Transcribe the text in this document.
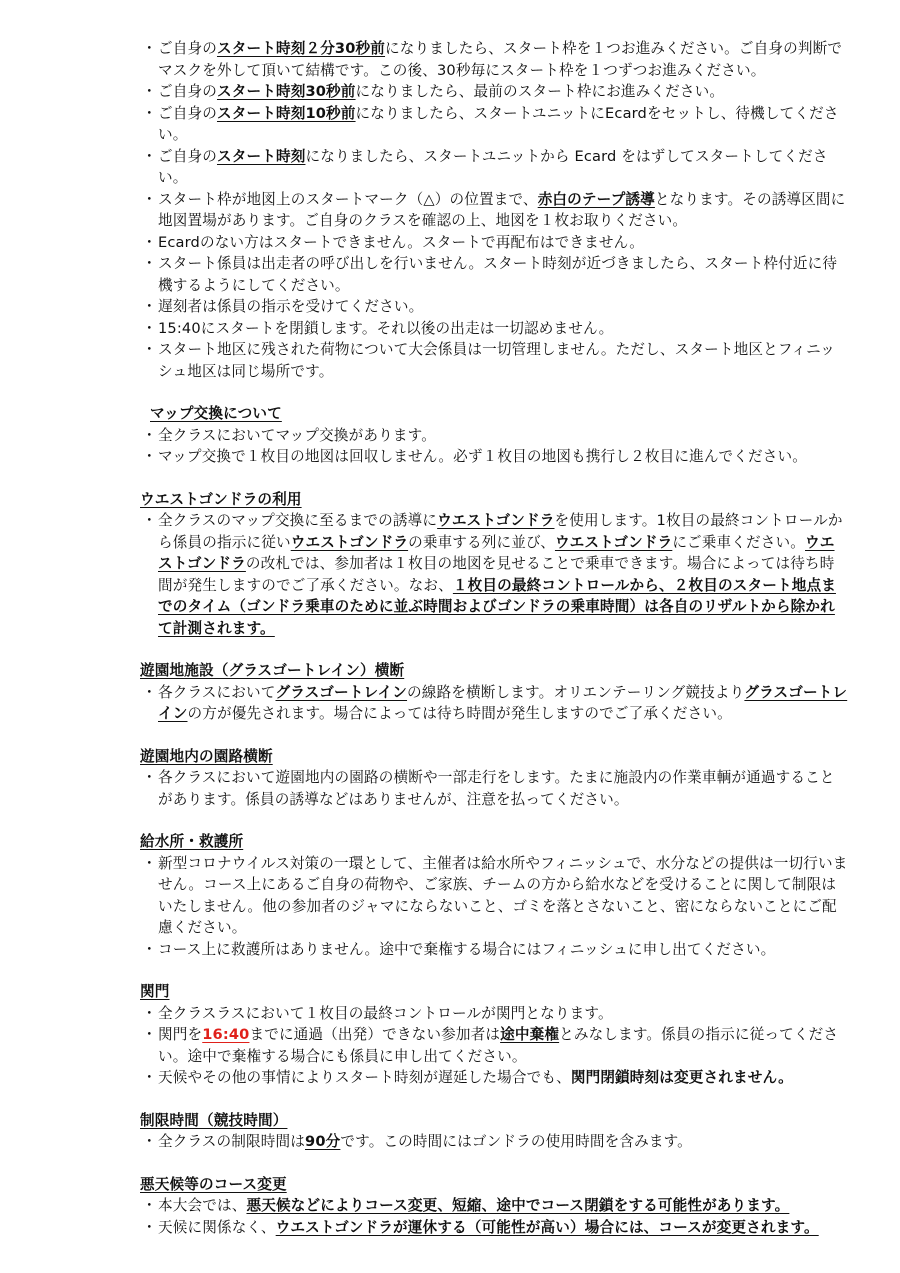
・ ご自身のスタート時刻２分30秒前になりましたら、スタート枠を１つお進みください。ご自身の判断でマスクを外して頂いて結構です。この後、30秒毎にスタート枠を１つずつお進みください。
・ ご自身のスタート時刻30秒前になりましたら、最前のスタート枠にお進みください。
・ ご自身のスタート時刻10秒前になりましたら、スタートユニットにEcardをセットし、待機してください。
・ ご自身のスタート時刻になりましたら、スタートユニットから Ecard をはずしてスタートしてください。
・ スタート枠が地図上のスタートマーク（△）の位置まで、赤白のテープ誘導となります。その誘導区間に地図置場があります。ご自身のクラスを確認の上、地図を１枚お取りください。
・ Ecardのない方はスタートできません。スタートで再配布はできません。
・ スタート係員は出走者の呼び出しを行いません。スタート時刻が近づきましたら、スタート枠付近に待機するようにしてください。
・ 遅刻者は係員の指示を受けてください。
・ 15:40にスタートを閉鎖します。それ以後の出走は一切認めません。
・ スタート地区に残された荷物について大会係員は一切管理しません。ただし、スタート地区とフィニッシュ地区は同じ場所です。
マップ交換について
・ 全クラスにおいてマップ交換があります。
・ マップ交換で１枚目の地図は回収しません。必ず１枚目の地図も携行し２枚目に進んでください。
ウエストゴンドラの利用
・ 全クラスのマップ交換に至るまでの誘導にウエストゴンドラを使用します。1枚目の最終コントロールから係員の指示に従いウエストゴンドラの乗車する列に並び、ウエストゴンドラにご乗車ください。ウエストゴンドラの改札では、参加者は１枚目の地図を見せることで乗車できます。場合によっては待ち時間が発生しますのでご了承ください。なお、１枚目の最終コントロールから、２枚目のスタート地点までのタイム（ゴンドラ乗車のために並ぶ時間およびゴンドラの乗車時間）は各自のリザルトから除かれて計測されます。
遊園地施設（グラスゴートレイン）横断
・ 各クラスにおいてグラスゴートレインの線路を横断します。オリエンテーリング競技よりグラスゴートレインの方が優先されます。場合によっては待ち時間が発生しますのでご了承ください。
遊園地内の園路横断
・ 各クラスにおいて遊園地内の園路の横断や一部走行をします。たまに施設内の作業車輌が通過することがあります。係員の誘導などはありませんが、注意を払ってください。
給水所・救護所
・ 新型コロナウイルス対策の一環として、主催者は給水所やフィニッシュで、水分などの提供は一切行いません。コース上にあるご自身の荷物や、ご家族、チームの方から給水などを受けることに関して制限はいたしません。他の参加者のジャマにならないこと、ゴミを落とさないこと、密にならないことにご配慮ください。
・ コース上に救護所はありません。途中で棄権する場合にはフィニッシュに申し出てください。
関門
・ 全クラスラスにおいて１枚目の最終コントロールが関門となります。
・ 関門を16:40までに通過（出発）できない参加者は途中棄権とみなします。係員の指示に従ってください。途中で棄権する場合にも係員に申し出てください。
・ 天候やその他の事情によりスタート時刻が遅延した場合でも、関門閉鎖時刻は変更されません。
制限時間（競技時間）
・ 全クラスの制限時間は90分です。この時間にはゴンドラの使用時間を含みます。
悪天候等のコース変更
・ 本大会では、悪天候などによりコース変更、短縮、途中でコース閉鎖をする可能性があります。
・ 天候に関係なく、ウエストゴンドラが運休する（可能性が高い）場合には、コースが変更されます。
